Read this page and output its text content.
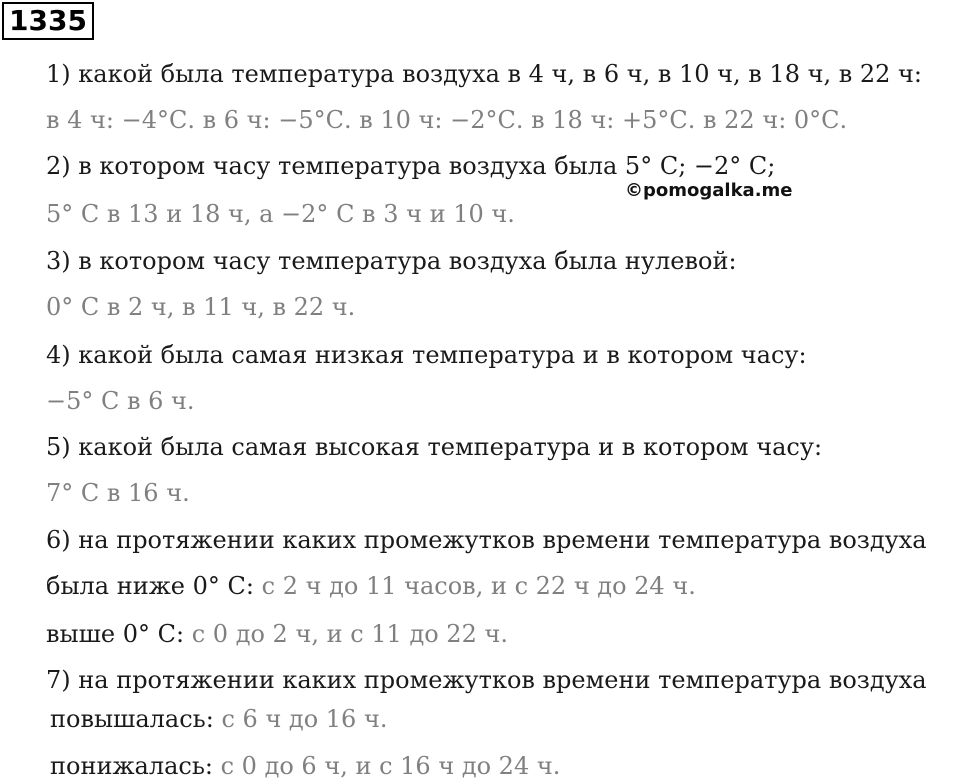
1335
©pomogalka.me
1) какой была температура воздуха в 4 ч, в 6 ч, в 10 ч, в 18 ч, в 22 ч:
в 4 ч: −4°С. в 6 ч: −5°С. в 10 ч: −2°С. в 18 ч: +5°С. в 22 ч: 0°С.
2) в котором часу температура воздуха была 5° С; −2° С;
5° С в 13 и 18 ч, а −2° С в 3 ч и 10 ч.
3) в котором часу температура воздуха была нулевой:
0° С в 2 ч, в 11 ч, в 22 ч.
4) какой была самая низкая температура и в котором часу:
−5° С в 6 ч.
5) какой была самая высокая температура и в котором часу:
7° С в 16 ч.
6) на протяжении каких промежутков времени температура воздуха
была ниже 0° С: с 2 ч до 11 часов, и с 22 ч до 24 ч.
выше 0° С: с 0 до 2 ч, и с 11 до 22 ч.
7) на протяжении каких промежутков времени температура воздуха
повышалась: с 6 ч до 16 ч.
понижалась: с 0 до 6 ч, и с 16 ч до 24 ч.
